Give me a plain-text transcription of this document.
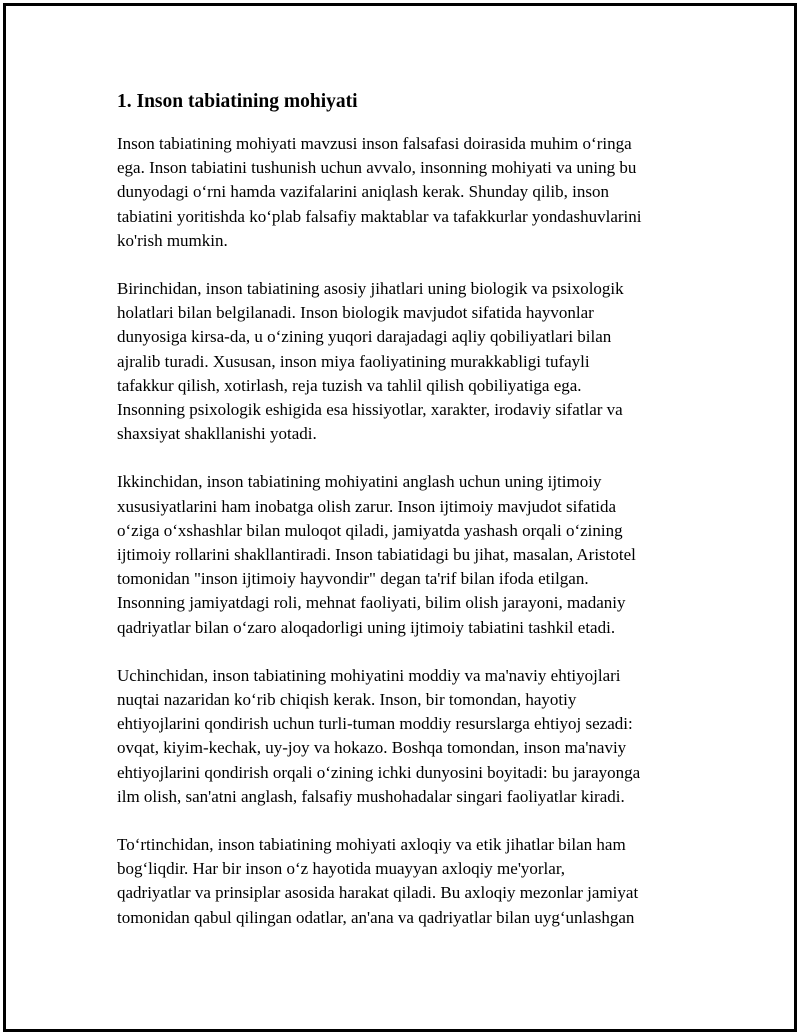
1. Inson tabiatining mohiyati

Inson tabiatining mohiyati mavzusi inson falsafasi doirasida muhim oʻringa
ega. Inson tabiatini tushunish uchun avvalo, insonning mohiyati va uning bu
dunyodagi oʻrni hamda vazifalarini aniqlash kerak. Shunday qilib, inson
tabiatini yoritishda koʻplab falsafiy maktablar va tafakkurlar yondashuvlarini
ko'rish mumkin.

Birinchidan, inson tabiatining asosiy jihatlari uning biologik va psixologik
holatlari bilan belgilanadi. Inson biologik mavjudot sifatida hayvonlar
dunyosiga kirsa-da, u oʻzining yuqori darajadagi aqliy qobiliyatlari bilan
ajralib turadi. Xususan, inson miya faoliyatining murakkabligi tufayli
tafakkur qilish, xotirlash, reja tuzish va tahlil qilish qobiliyatiga ega.
Insonning psixologik eshigida esa hissiyotlar, xarakter, irodaviy sifatlar va
shaxsiyat shakllanishi yotadi.

Ikkinchidan, inson tabiatining mohiyatini anglash uchun uning ijtimoiy
xususiyatlarini ham inobatga olish zarur. Inson ijtimoiy mavjudot sifatida
oʻziga oʻxshashlar bilan muloqot qiladi, jamiyatda yashash orqali oʻzining
ijtimoiy rollarini shakllantiradi. Inson tabiatidagi bu jihat, masalan, Aristotel
tomonidan "inson ijtimoiy hayvondir" degan ta'rif bilan ifoda etilgan.
Insonning jamiyatdagi roli, mehnat faoliyati, bilim olish jarayoni, madaniy
qadriyatlar bilan oʻzaro aloqadorligi uning ijtimoiy tabiatini tashkil etadi.

Uchinchidan, inson tabiatining mohiyatini moddiy va ma'naviy ehtiyojlari
nuqtai nazaridan koʻrib chiqish kerak. Inson, bir tomondan, hayotiy
ehtiyojlarini qondirish uchun turli-tuman moddiy resurslarga ehtiyoj sezadi:
ovqat, kiyim-kechak, uy-joy va hokazo. Boshqa tomondan, inson ma'naviy
ehtiyojlarini qondirish orqali oʻzining ichki dunyosini boyitadi: bu jarayonga
ilm olish, san'atni anglash, falsafiy mushohadalar singari faoliyatlar kiradi.

Toʻrtinchidan, inson tabiatining mohiyati axloqiy va etik jihatlar bilan ham
bogʻliqdir. Har bir inson oʻz hayotida muayyan axloqiy me'yorlar,
qadriyatlar va prinsiplar asosida harakat qiladi. Bu axloqiy mezonlar jamiyat
tomonidan qabul qilingan odatlar, an'ana va qadriyatlar bilan uygʻunlashgan
